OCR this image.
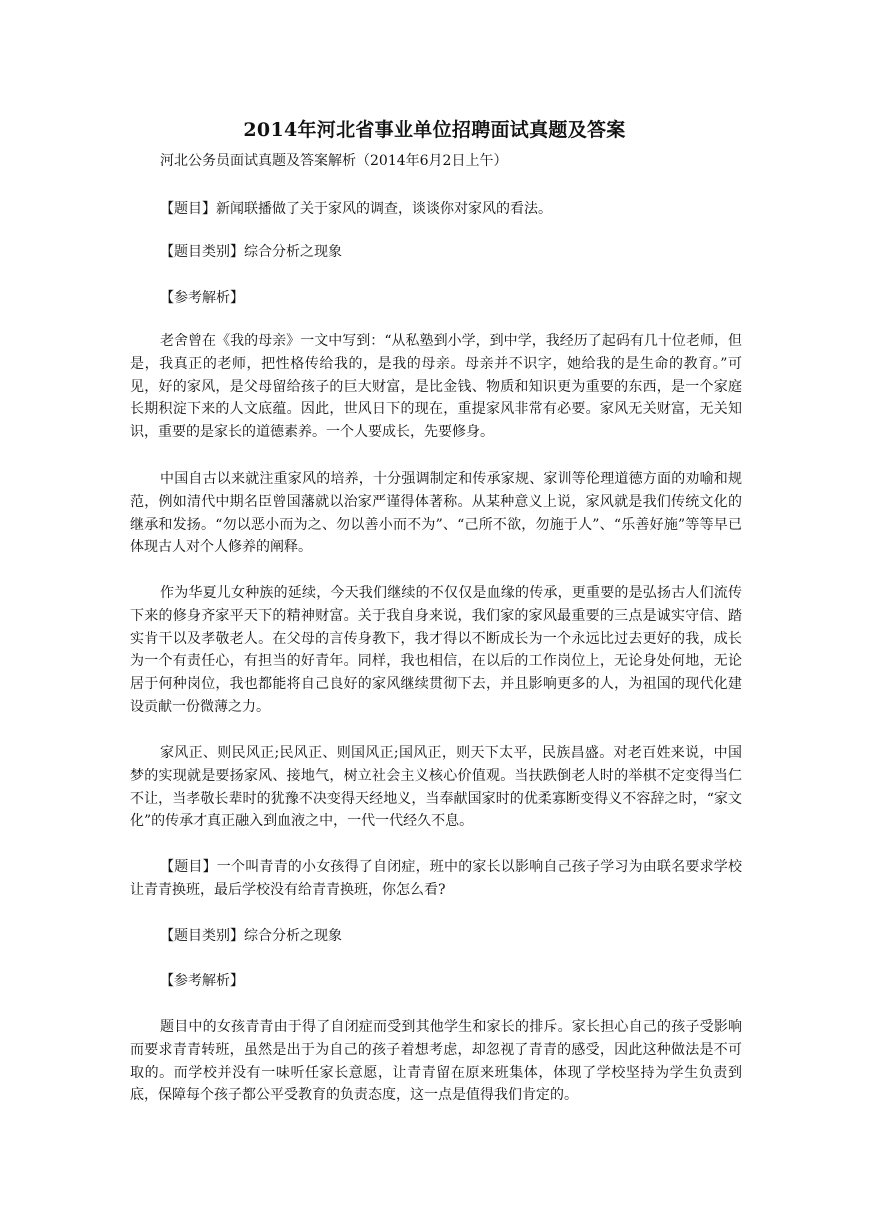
2014年河北省事业单位招聘面试真题及答案
河北公务员面试真题及答案解析（2014年6月2日上午）
【题目】新闻联播做了关于家风的调查，谈谈你对家风的看法。
【题目类别】综合分析之现象
【参考解析】

老舍曾在《我的母亲》一文中写到：“从私塾到小学，到中学，我经历了起码有几十位老师，但是，我真正的老师，把性格传给我的，是我的母亲。母亲并不识字，她给我的是生命的教育。”可见，好的家风，是父母留给孩子的巨大财富，是比金钱、物质和知识更为重要的东西，是一个家庭长期积淀下来的人文底蕴。因此，世风日下的现在，重提家风非常有必要。家风无关财富，无关知识，重要的是家长的道德素养。一个人要成长，先要修身。

中国自古以来就注重家风的培养，十分强调制定和传承家规、家训等伦理道德方面的劝喻和规范，例如清代中期名臣曾国藩就以治家严谨得体著称。从某种意义上说，家风就是我们传统文化的继承和发扬。“勿以恶小而为之、勿以善小而不为”、“己所不欲，勿施于人”、“乐善好施”等等早已体现古人对个人修养的阐释。

作为华夏儿女种族的延续，今天我们继续的不仅仅是血缘的传承，更重要的是弘扬古人们流传下来的修身齐家平天下的精神财富。关于我自身来说，我们家的家风最重要的三点是诚实守信、踏实肯干以及孝敬老人。在父母的言传身教下，我才得以不断成长为一个永远比过去更好的我，成长为一个有责任心，有担当的好青年。同样，我也相信，在以后的工作岗位上，无论身处何地，无论居于何种岗位，我也都能将自己良好的家风继续贯彻下去，并且影响更多的人，为祖国的现代化建设贡献一份微薄之力。

家风正、则民风正;民风正、则国风正;国风正，则天下太平，民族昌盛。对老百姓来说，中国梦的实现就是要扬家风、接地气，树立社会主义核心价值观。当扶跌倒老人时的举棋不定变得当仁不让，当孝敬长辈时的犹豫不决变得天经地义，当奉献国家时的优柔寡断变得义不容辞之时，“家文化”的传承才真正融入到血液之中，一代一代经久不息。

【题目】一个叫青青的小女孩得了自闭症，班中的家长以影响自己孩子学习为由联名要求学校让青青换班，最后学校没有给青青换班，你怎么看?

【题目类别】综合分析之现象
【参考解析】

题目中的女孩青青由于得了自闭症而受到其他学生和家长的排斥。家长担心自己的孩子受影响而要求青青转班，虽然是出于为自己的孩子着想考虑，却忽视了青青的感受，因此这种做法是不可取的。而学校并没有一味听任家长意愿，让青青留在原来班集体，体现了学校坚持为学生负责到底，保障每个孩子都公平受教育的负责态度，这一点是值得我们肯定的。
